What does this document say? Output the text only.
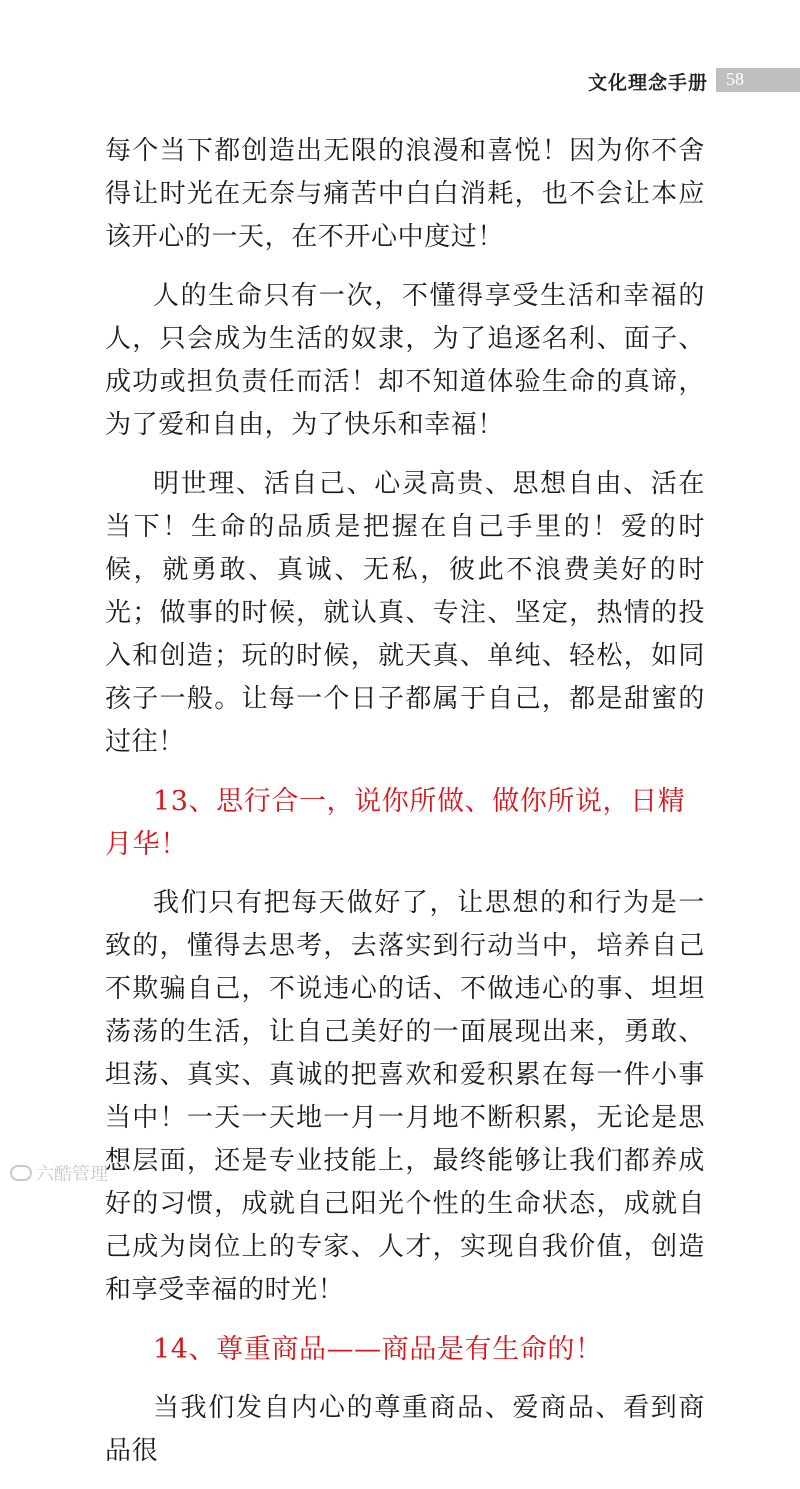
文化理念手册 58

每个当下都创造出无限的浪漫和喜悦！因为你不舍得让时光在无奈与痛苦中白白消耗，也不会让本应该开心的一天，在不开心中度过！

人的生命只有一次，不懂得享受生活和幸福的人，只会成为生活的奴隶，为了追逐名利、面子、成功或担负责任而活！却不知道体验生命的真谛，为了爱和自由，为了快乐和幸福！

明世理、活自己、心灵高贵、思想自由、活在当下！生命的品质是把握在自己手里的！爱的时候，就勇敢、真诚、无私，彼此不浪费美好的时光；做事的时候，就认真、专注、坚定，热情的投入和创造；玩的时候，就天真、单纯、轻松，如同孩子一般。让每一个日子都属于自己，都是甜蜜的过往！

13、思行合一，说你所做、做你所说，日精月华！

我们只有把每天做好了，让思想的和行为是一致的，懂得去思考，去落实到行动当中，培养自己不欺骗自己，不说违心的话、不做违心的事、坦坦荡荡的生活，让自己美好的一面展现出来，勇敢、坦荡、真实、真诚的把喜欢和爱积累在每一件小事当中！一天一天地一月一月地不断积累，无论是思想层面，还是专业技能上，最终能够让我们都养成好的习惯，成就自己阳光个性的生命状态，成就自己成为岗位上的专家、人才，实现自我价值，创造和享受幸福的时光！

14、尊重商品——商品是有生命的！

当我们发自内心的尊重商品、爱商品、看到商品很

六酷管理
